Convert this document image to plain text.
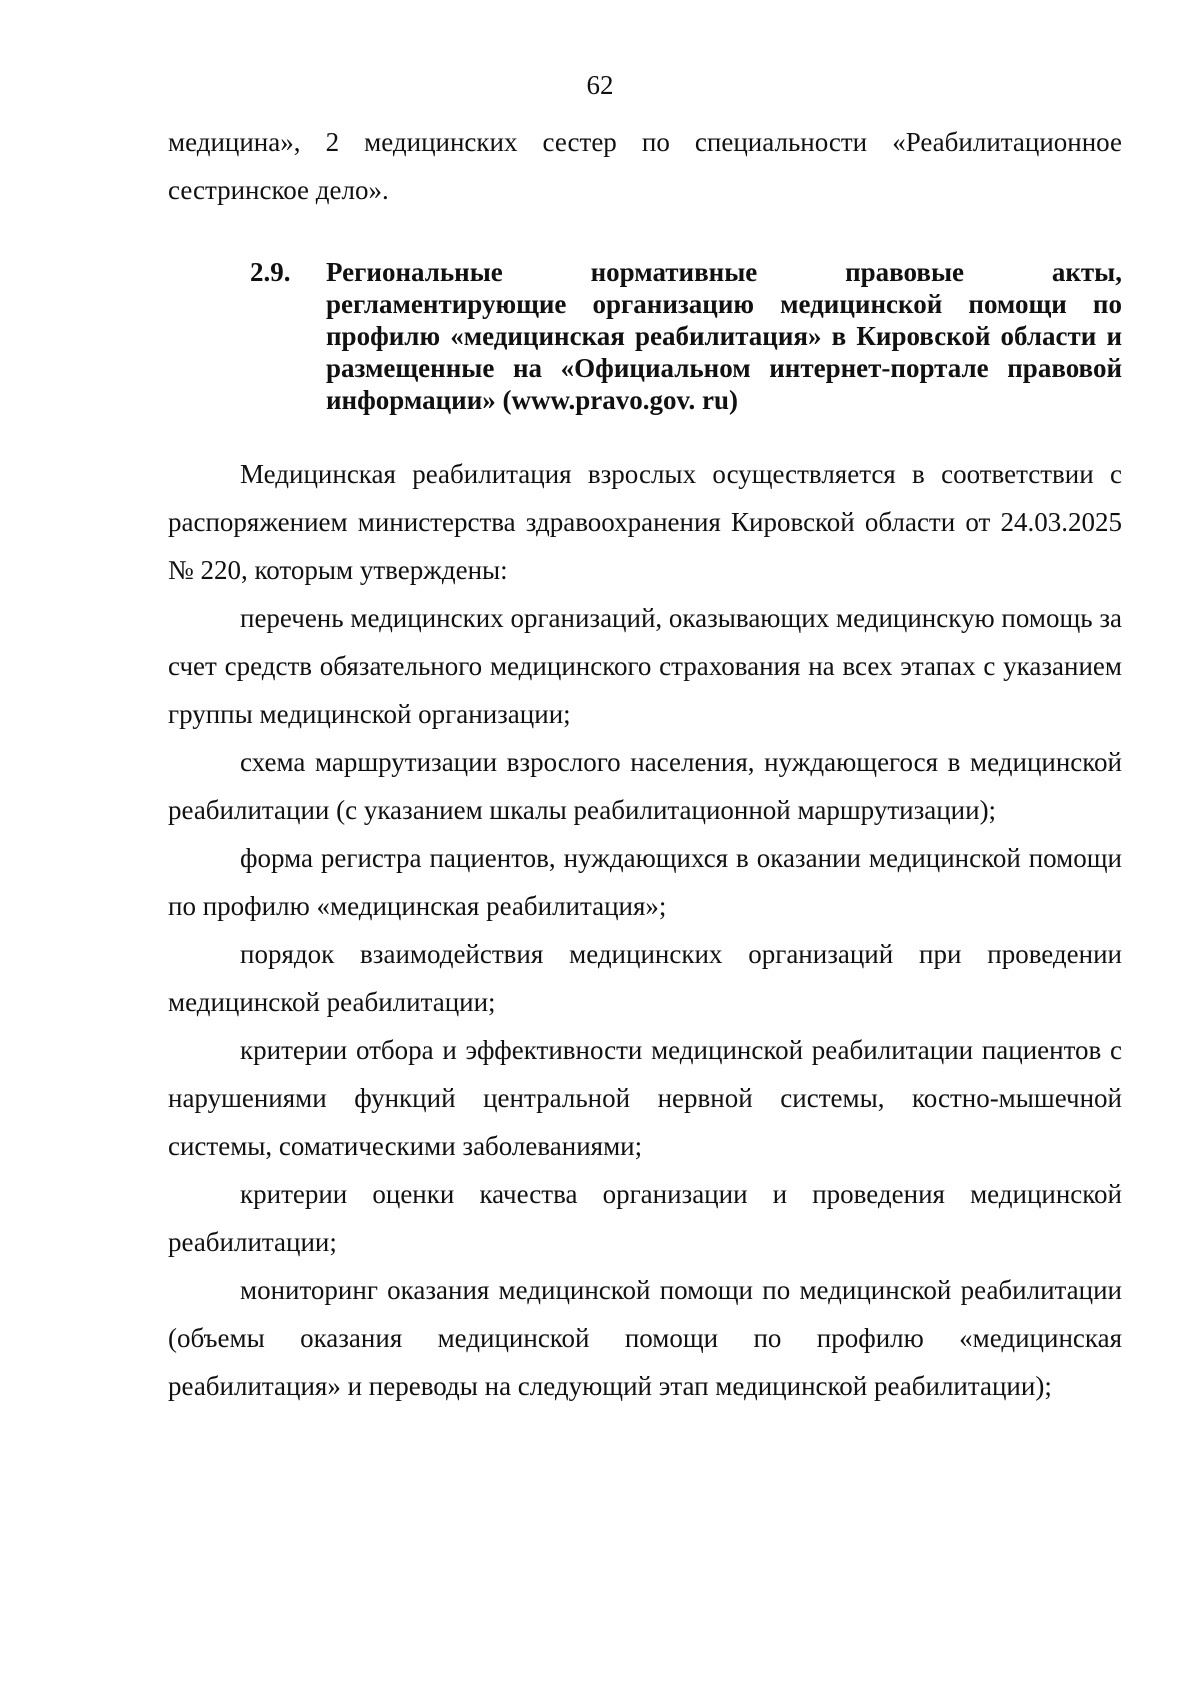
62
медицина», 2 медицинских сестер по специальности «Реабилитационное сестринское дело».
2.9.	Региональные нормативные правовые акты, регламентирующие организацию медицинской помощи по профилю «медицинская реабилитация» в Кировской области и размещенные на «Официальном интернет-портале правовой информации» (www.pravo.gov. ru)

Медицинская реабилитация взрослых осуществляется в соответствии с распоряжением министерства здравоохранения Кировской области от 24.03.2025 № 220, которым утверждены:

перечень медицинских организаций, оказывающих медицинскую помощь за счет средств обязательного медицинского страхования на всех этапах с указанием группы медицинской организации;

схема маршрутизации взрослого населения, нуждающегося в медицинской реабилитации (с указанием шкалы реабилитационной маршрутизации);

форма регистра пациентов, нуждающихся в оказании медицинской помощи по профилю «медицинская реабилитация»;

порядок взаимодействия медицинских организаций при проведении медицинской реабилитации;

критерии отбора и эффективности медицинской реабилитации пациентов с нарушениями функций центральной нервной системы, костно-мышечной системы, соматическими заболеваниями;

критерии оценки качества организации и проведения медицинской реабилитации;

мониторинг оказания медицинской помощи по медицинской реабилитации (объемы оказания медицинской помощи по профилю «медицинская реабилитация» и переводы на следующий этап медицинской реабилитации);
